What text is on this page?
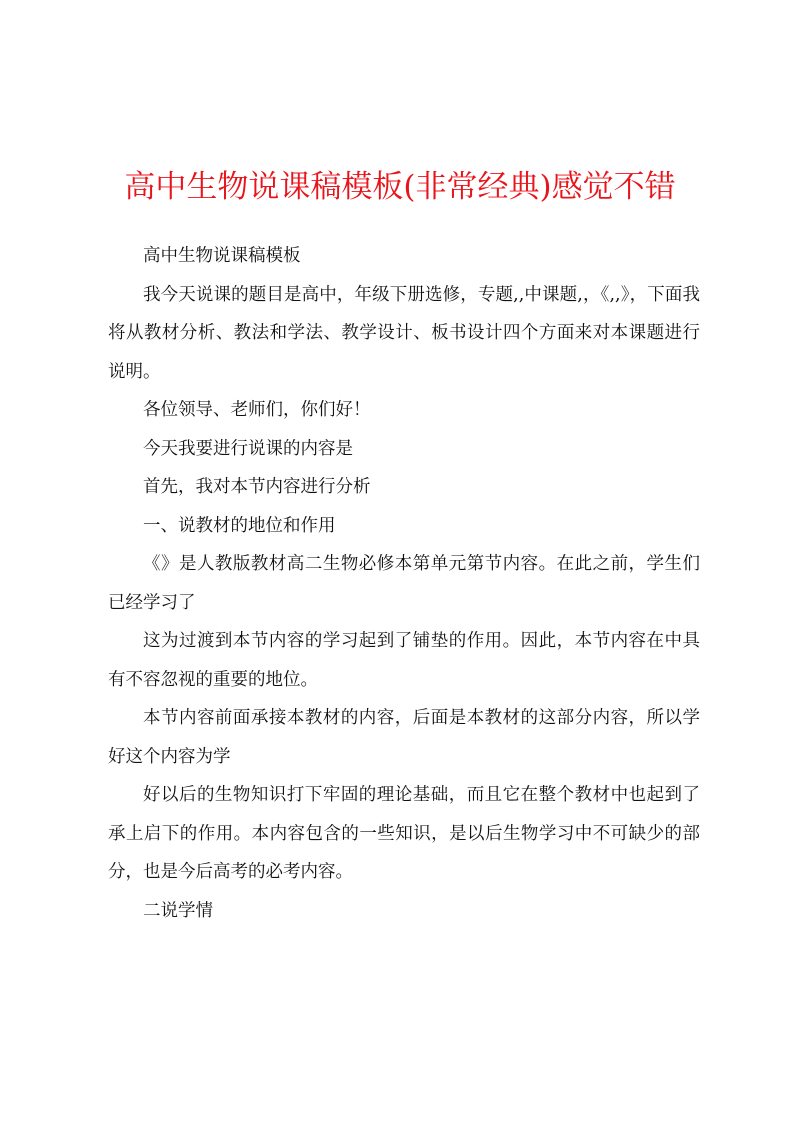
高中生物说课稿模板(非常经典)感觉不错

高中生物说课稿模板

我今天说课的题目是高中，年级下册选修，专题,,中课题,，《,,》，下面我将从教材分析、教法和学法、教学设计、板书设计四个方面来对本课题进行说明。

各位领导、老师们，你们好！

今天我要进行说课的内容是

首先，我对本节内容进行分析

一、说教材的地位和作用

《》是人教版教材高二生物必修本第单元第节内容。在此之前，学生们已经学习了

这为过渡到本节内容的学习起到了铺垫的作用。因此，本节内容在中具有不容忽视的重要的地位。

本节内容前面承接本教材的内容，后面是本教材的这部分内容，所以学好这个内容为学

好以后的生物知识打下牢固的理论基础，而且它在整个教材中也起到了承上启下的作用。本内容包含的一些知识，是以后生物学习中不可缺少的部分，也是今后高考的必考内容。

二说学情
